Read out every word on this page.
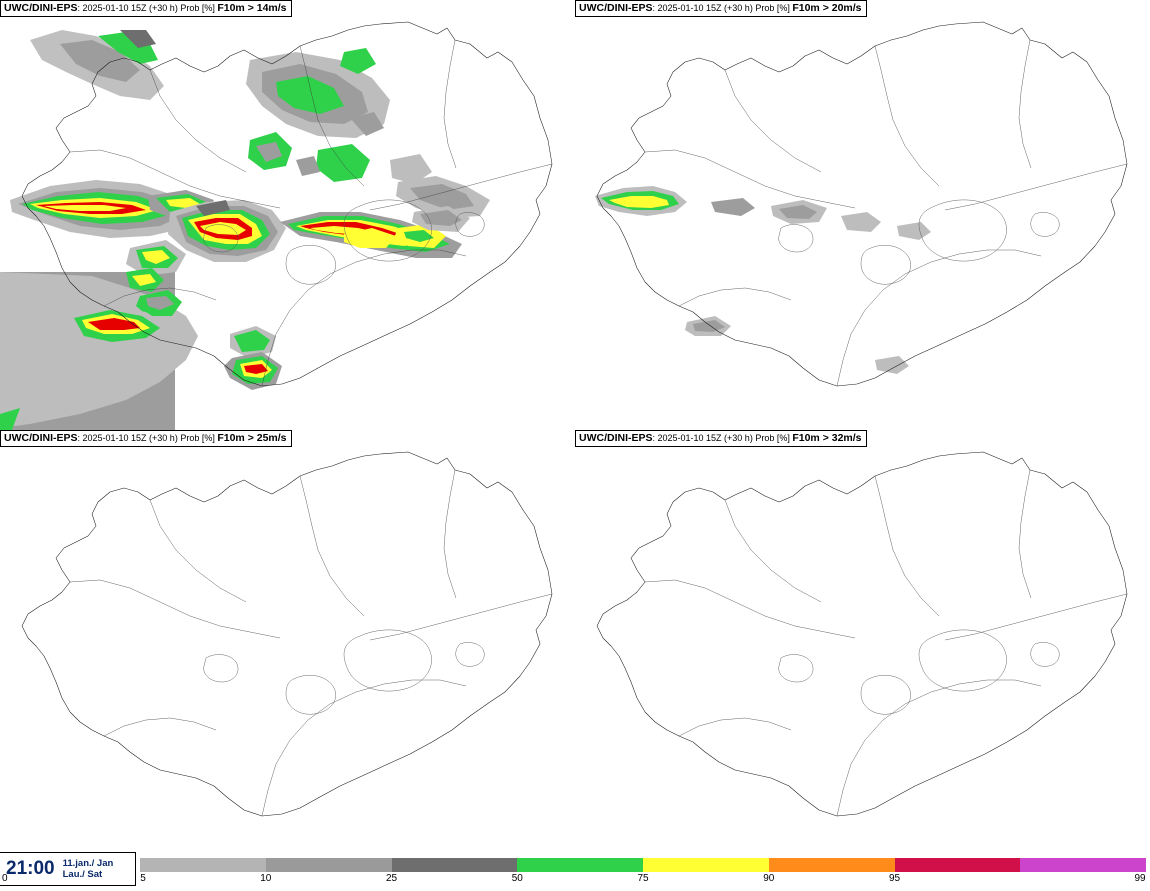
UWC/DINI-EPS: 2025-01-10 15Z (+30 h) Prob [%] F10m > 14m/s	UWC/DINI-EPS: 2025-01-10 15Z (+30 h) Prob [%] F10m > 20m/s
UWC/DINI-EPS: 2025-01-10 15Z (+30 h) Prob [%] F10m > 25m/s	UWC/DINI-EPS: 2025-01-10 15Z (+30 h) Prob [%] F10m > 32m/s
21:00 11.jan./ Jan
Lau./ Sat
0	5	10	25	50	75	90	95	99
